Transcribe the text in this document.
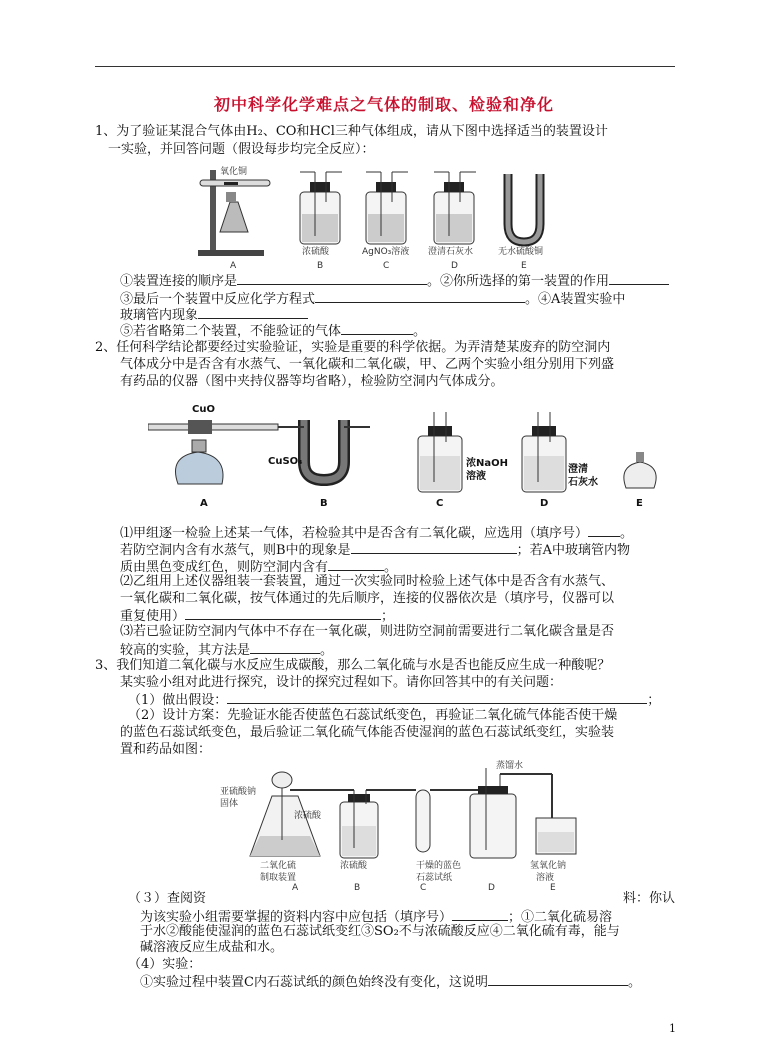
初中科学化学难点之气体的制取、检验和净化
1、为了验证某混合气体由H₂、CO和HCl三种气体组成，请从下图中选择适当的装置设计
一实验，并回答问题（假设每步均完全反应）：
氧化铜
浓硫酸	AgNO₃溶液 澄清石灰水	无水硫酸铜
A	B	C	D	E
①装置连接的顺序是	。②你所选择的第一装置的作用
③最后一个装置中反应化学方程式	。④A装置实验中
玻璃管内现象
⑤若省略第二个装置，不能验证的气体	。
2、任何科学结论都要经过实验验证，实验是重要的科学依据。为弄清楚某废弃的防空洞内
气体成分中是否含有水蒸气、一氧化碳和二氧化碳，甲、乙两个实验小组分别用下列盛
有药品的仪器（图中夹持仪器等均省略），检验防空洞内气体成分。
CuO
CuSO₄	浓NaOH
溶液
澄清
石灰水
A	B	C	D	E
⑴甲组逐一检验上述某一气体，若检验其中是否含有二氧化碳，应选用（填序号） 。
若防空洞内含有水蒸气，则B中的现象是	；若A中玻璃管内物
质由黑色变成红色，则防空洞内含有	。
⑵乙组用上述仪器组装一套装置，通过一次实验同时检验上述气体中是否含有水蒸气、
一氧化碳和二氧化碳，按气体通过的先后顺序，连接的仪器依次是（填序号，仪器可以
重复使用）	；
⑶若已验证防空洞内气体中不存在一氧化碳，则进防空洞前需要进行二氧化碳含量是否
较高的实验，其方法是	。
3、我们知道二氧化碳与水反应生成碳酸，那么二氧化硫与水是否也能反应生成一种酸呢？
某实验小组对此进行探究，设计的探究过程如下。请你回答其中的有关问题：
（1）做出假设：	；
（2）设计方案：先验证水能否使蓝色石蕊试纸变色，再验证二氧化硫气体能否使干燥
的蓝色石蕊试纸变色，最后验证二氧化硫气体能否使湿润的蓝色石蕊试纸变红，实验装
置和药品如图：
亚硫酸钠
固体
浓硫酸
二氧化硫
制取装置
浓硫酸	干燥的蓝色
石蕊试纸
蒸馏水
氢氧化钠
溶液
A	B	C	D	E
（３）查阅资	料：你认
为该实验小组需要掌握的资料内容中应包括（填序号）	；①二氧化硫易溶
于水②酸能使湿润的蓝色石蕊试纸变红③SO₂不与浓硫酸反应④二氧化硫有毒，能与
碱溶液反应生成盐和水。
（4）实验：
①实验过程中装置C内石蕊试纸的颜色始终没有变化，这说明	。
1
